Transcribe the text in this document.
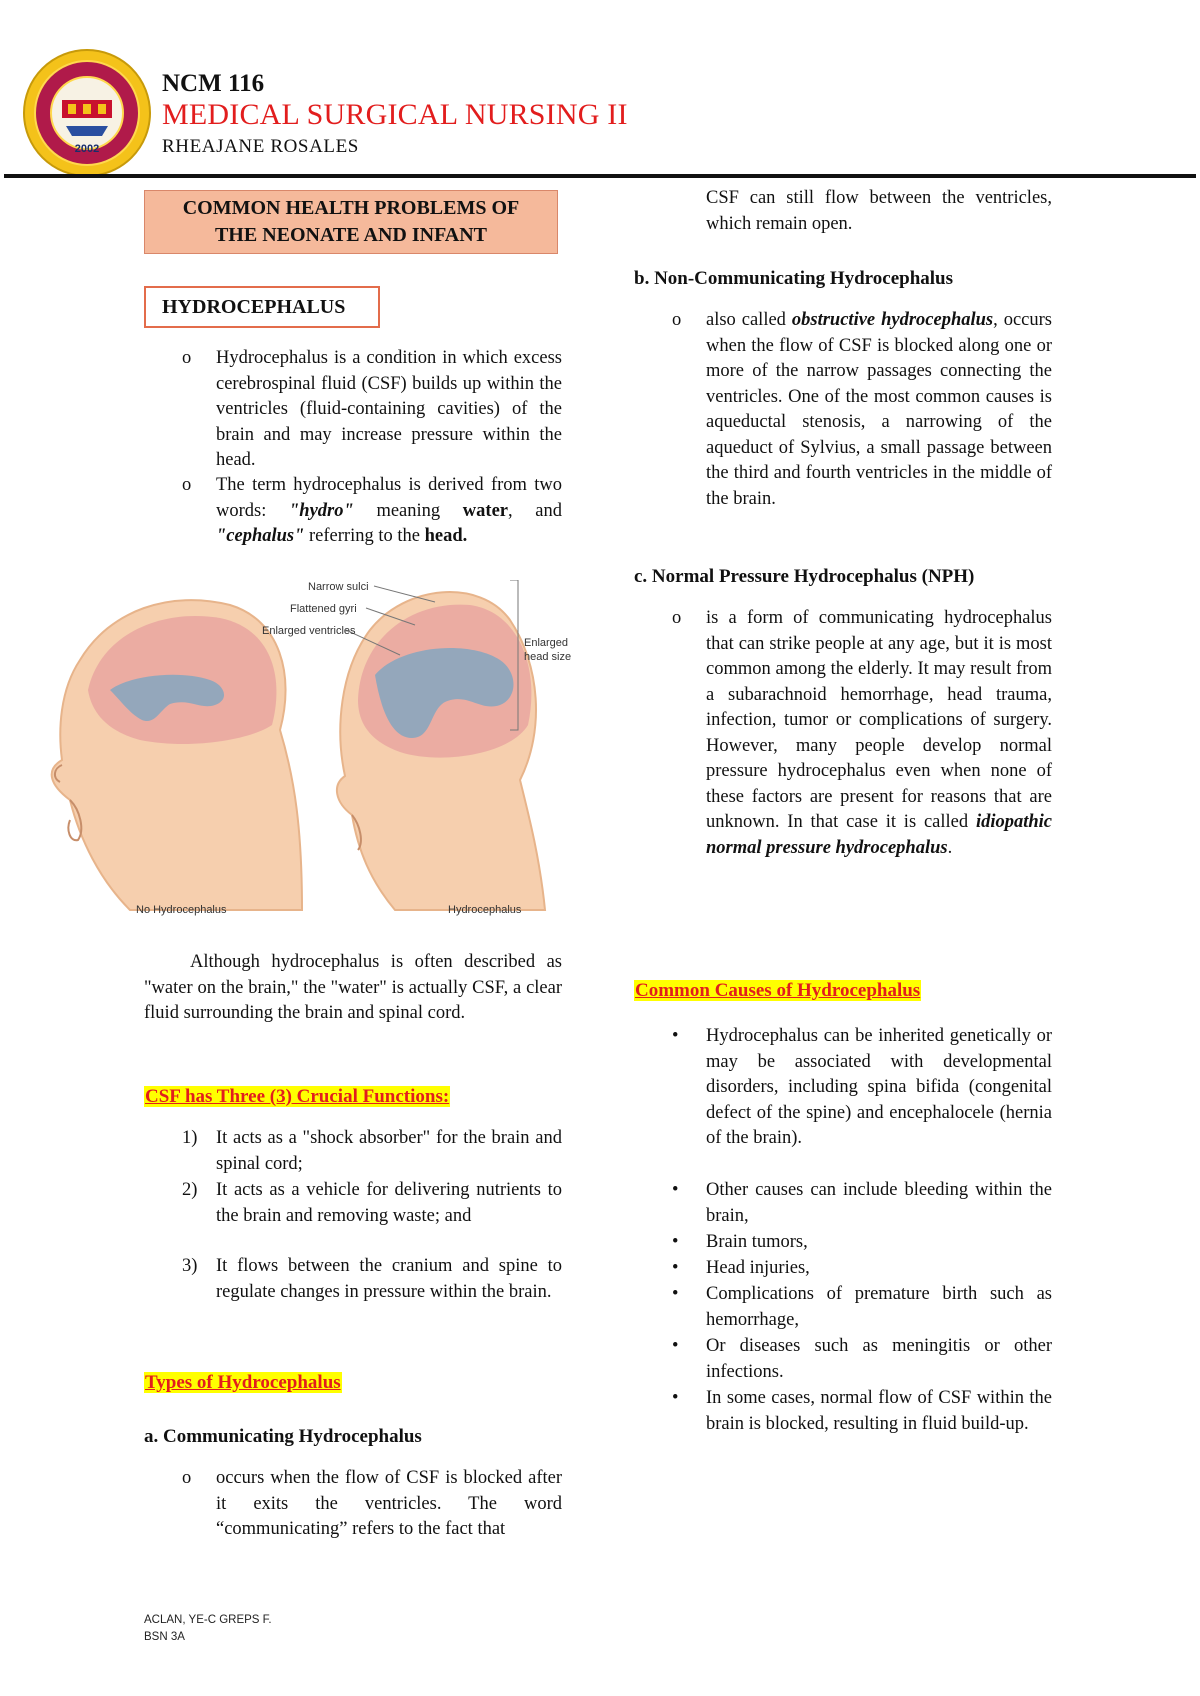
2002
NCM 116
MEDICAL SURGICAL NURSING II
RHEAJANE ROSALES
COMMON HEALTH PROBLEMS OF
THE NEONATE AND INFANT
HYDROCEPHALUS
o	Hydrocephalus is a condition in which excess cerebrospinal fluid (CSF) builds up within the ventricles (fluid-containing cavities) of the brain and may increase pressure within the head.
o	The term hydrocephalus is derived from two words: "hydro" meaning water, and "cephalus" referring to the head.
Narrow sulci
Flattened gyri
Enlarged ventricles
Enlarged
head size
No Hydrocephalus	Hydrocephalus
Although hydrocephalus is often described as "water on the brain," the "water" is actually CSF, a clear fluid surrounding the brain and spinal cord.
CSF has Three (3) Crucial Functions:
1)	It acts as a "shock absorber" for the brain and spinal cord;
2)	It acts as a vehicle for delivering nutrients to the brain and removing waste; and
3)	It flows between the cranium and spine to regulate changes in pressure within the brain.
Types of Hydrocephalus
a. Communicating Hydrocephalus
o	occurs when the flow of CSF is blocked after it exits the ventricles. The word “communicating” refers to the fact that
CSF can still flow between the ventricles, which remain open.
b. Non-Communicating Hydrocephalus
o	also called obstructive hydrocephalus, occurs when the flow of CSF is blocked along one or more of the narrow passages connecting the ventricles. One of the most common causes is aqueductal stenosis, a narrowing of the aqueduct of Sylvius, a small passage between the third and fourth ventricles in the middle of the brain.
c. Normal Pressure Hydrocephalus (NPH)
o	is a form of communicating hydrocephalus that can strike people at any age, but it is most common among the elderly. It may result from a subarachnoid hemorrhage, head trauma, infection, tumor or complications of surgery. However, many people develop normal pressure hydrocephalus even when none of these factors are present for reasons that are unknown. In that case it is called idiopathic normal pressure hydrocephalus.
Common Causes of Hydrocephalus
•	Hydrocephalus can be inherited genetically or may be associated with developmental disorders, including spina bifida (congenital defect of the spine) and encephalocele (hernia of the brain).
•	Other causes can include bleeding within the brain,
•	Brain tumors,
•	Head injuries,
•	Complications of premature birth such as hemorrhage,
•	Or diseases such as meningitis or other infections.
•	In some cases, normal flow of CSF within the brain is blocked, resulting in fluid build-up.
ACLAN, YE-C GREPS F.
BSN 3A
